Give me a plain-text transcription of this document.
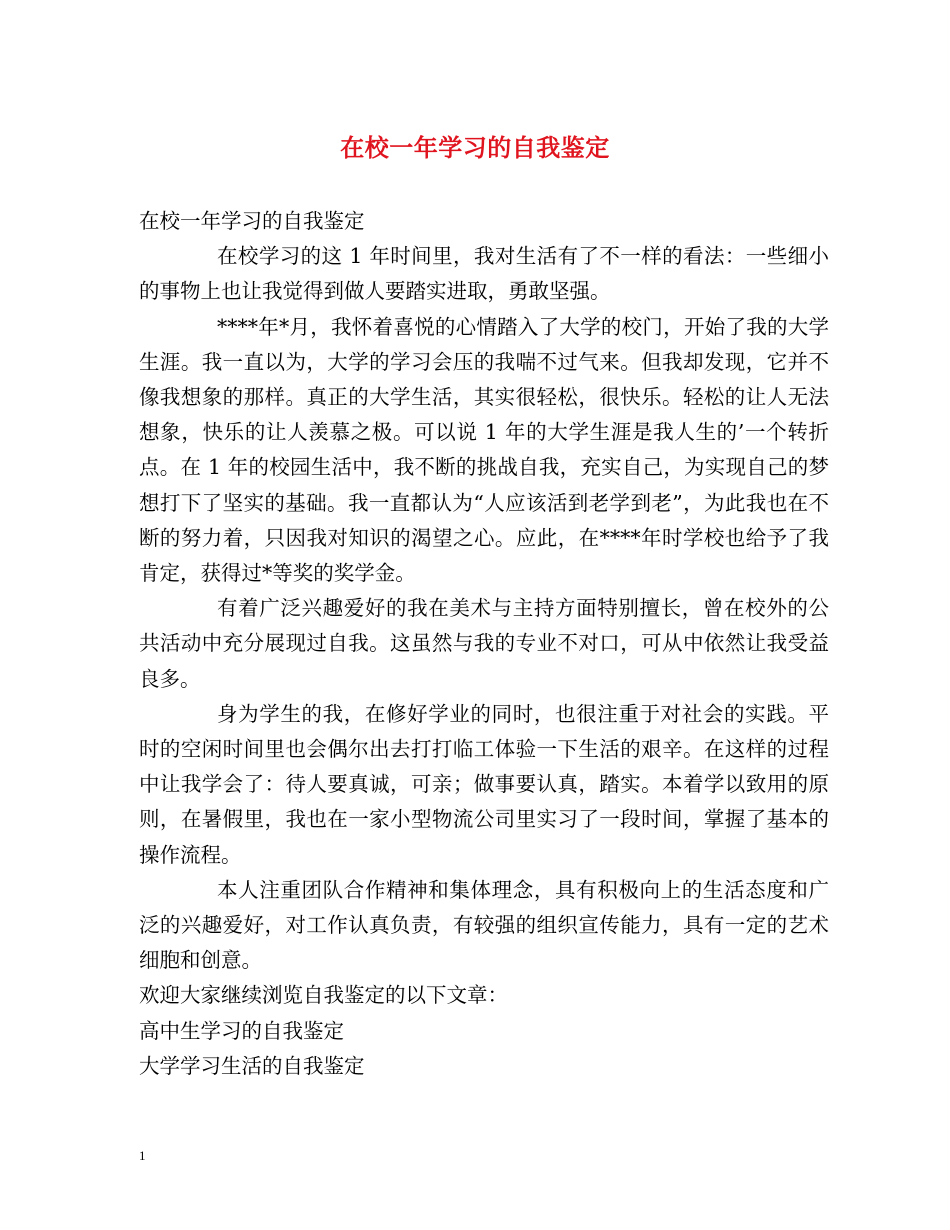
在校一年学习的自我鉴定

在校一年学习的自我鉴定

在校学习的这 1 年时间里，我对生活有了不一样的看法：一些细小的事物上也让我觉得到做人要踏实进取，勇敢坚强。

****年*月，我怀着喜悦的心情踏入了大学的校门，开始了我的大学生涯。我一直以为，大学的学习会压的我喘不过气来。但我却发现，它并不像我想象的那样。真正的大学生活，其实很轻松，很快乐。轻松的让人无法想象，快乐的让人羡慕之极。可以说 1 年的大学生涯是我人生的’一个转折点。在 1 年的校园生活中，我不断的挑战自我，充实自己，为实现自己的梦想打下了坚实的基础。我一直都认为“人应该活到老学到老”，为此我也在不断的努力着，只因我对知识的渴望之心。应此，在****年时学校也给予了我肯定，获得过*等奖的奖学金。

有着广泛兴趣爱好的我在美术与主持方面特别擅长，曾在校外的公共活动中充分展现过自我。这虽然与我的专业不对口，可从中依然让我受益良多。

身为学生的我，在修好学业的同时，也很注重于对社会的实践。平时的空闲时间里也会偶尔出去打打临工体验一下生活的艰辛。在这样的过程中让我学会了：待人要真诚，可亲；做事要认真，踏实。本着学以致用的原则，在暑假里，我也在一家小型物流公司里实习了一段时间，掌握了基本的操作流程。

本人注重团队合作精神和集体理念，具有积极向上的生活态度和广泛的兴趣爱好，对工作认真负责，有较强的组织宣传能力，具有一定的艺术细胞和创意。

欢迎大家继续浏览自我鉴定的以下文章：

高中生学习的自我鉴定

大学学习生活的自我鉴定

1
